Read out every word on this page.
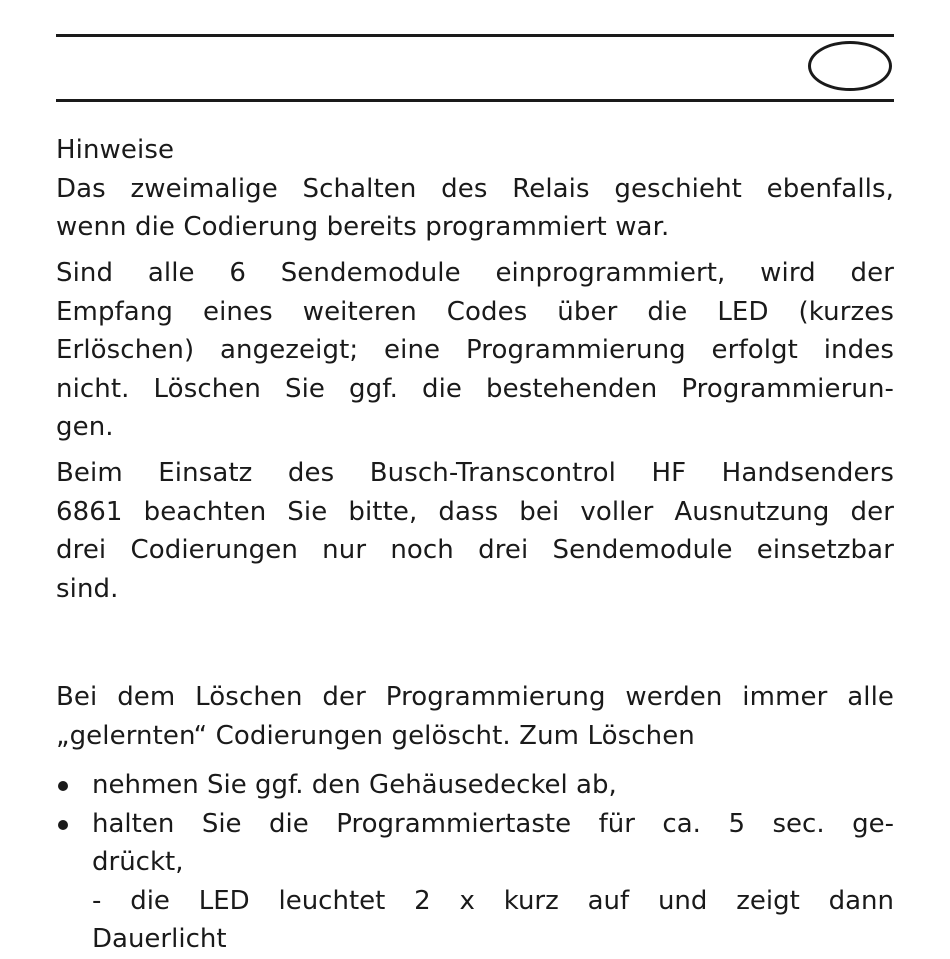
Hinweise
Das zweimalige Schalten des Relais geschieht ebenfalls,
wenn die Codierung bereits programmiert war.
Sind alle 6 Sendemodule einprogrammiert, wird der
Empfang eines weiteren Codes über die LED (kurzes
Erlöschen) angezeigt; eine Programmierung erfolgt indes
nicht. Löschen Sie ggf. die bestehenden Programmierun-
gen.
Beim Einsatz des Busch-Transcontrol HF Handsenders
6861 beachten Sie bitte, dass bei voller Ausnutzung der
drei Codierungen nur noch drei Sendemodule einsetzbar
sind.
Bei dem Löschen der Programmierung werden immer alle
„gelernten“ Codierungen gelöscht. Zum Löschen
nehmen Sie ggf. den Gehäusedeckel ab,
halten Sie die Programmiertaste für ca. 5 sec. ge-
drückt,
- die LED leuchtet 2 x kurz auf und zeigt dann
Dauerlicht
